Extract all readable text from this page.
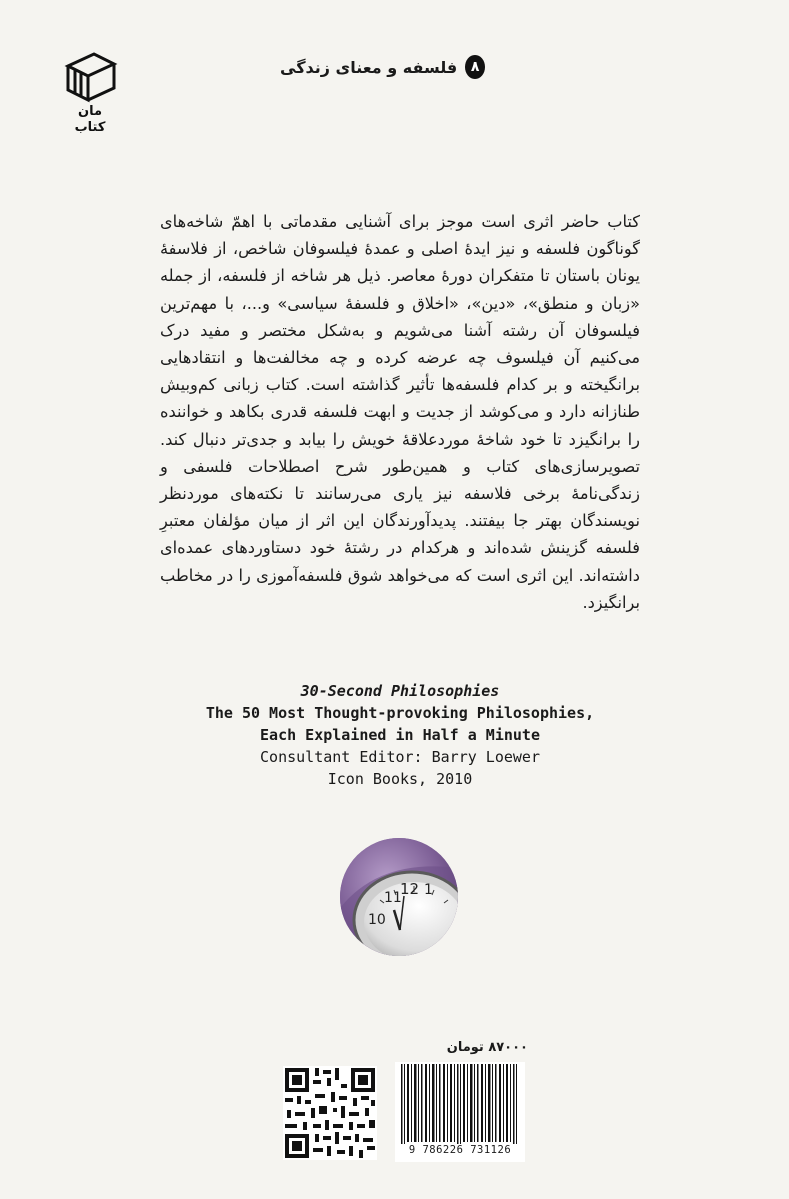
مان
کتاب
۸
فلسفه و معنای زندگی

کتاب حاضر اثری است موجز برای آشنایی مقدماتی با اهمّ شاخه‌های گوناگون فلسفه و نیز ایدهٔ اصلی و عمدهٔ فیلسوفان شاخص، از فلاسفهٔ یونان باستان تا متفکران دورهٔ معاصر. ذیل هر شاخه از فلسفه، از جمله «زبان و منطق»، «دین»، «اخلاق و فلسفهٔ سیاسی» و...، با مهم‌ترین فیلسوفان آن رشته آشنا می‌شویم و به‌شکل مختصر و مفید درک می‌کنیم آن فیلسوف چه عرضه کرده و چه مخالفت‌ها و انتقادهایی برانگیخته و بر کدام فلسفه‌ها تأثیر گذاشته است. کتاب زبانی کم‌وبیش طنازانه دارد و می‌کوشد از جدیت و ابهت فلسفه قدری بکاهد و خواننده را برانگیزد تا خود شاخهٔ موردعلاقهٔ خویش را بیابد و جدی‌تر دنبال کند. تصویرسازی‌های کتاب و همین‌طور شرح اصطلاحات فلسفی و زندگی‌نامهٔ برخی فلاسفه نیز یاری می‌رسانند تا نکته‌های موردنظر نویسندگان بهتر جا بیفتند. پدیدآورندگان این اثر از میان مؤلفان معتبرِ فلسفه گزینش شده‌اند و هرکدام در رشتهٔ خود دستاوردهای عمده‌ای داشته‌اند. این اثری است که می‌خواهد شوق فلسفه‌آموزی را در مخاطب برانگیزد.

30-Second Philosophies
The 50 Most Thought-provoking Philosophies,
Each Explained in Half a Minute
Consultant Editor: Barry Loewer
Icon Books, 2010
10
11
12 1
۸۷۰۰۰ تومان
9 786226 731126
